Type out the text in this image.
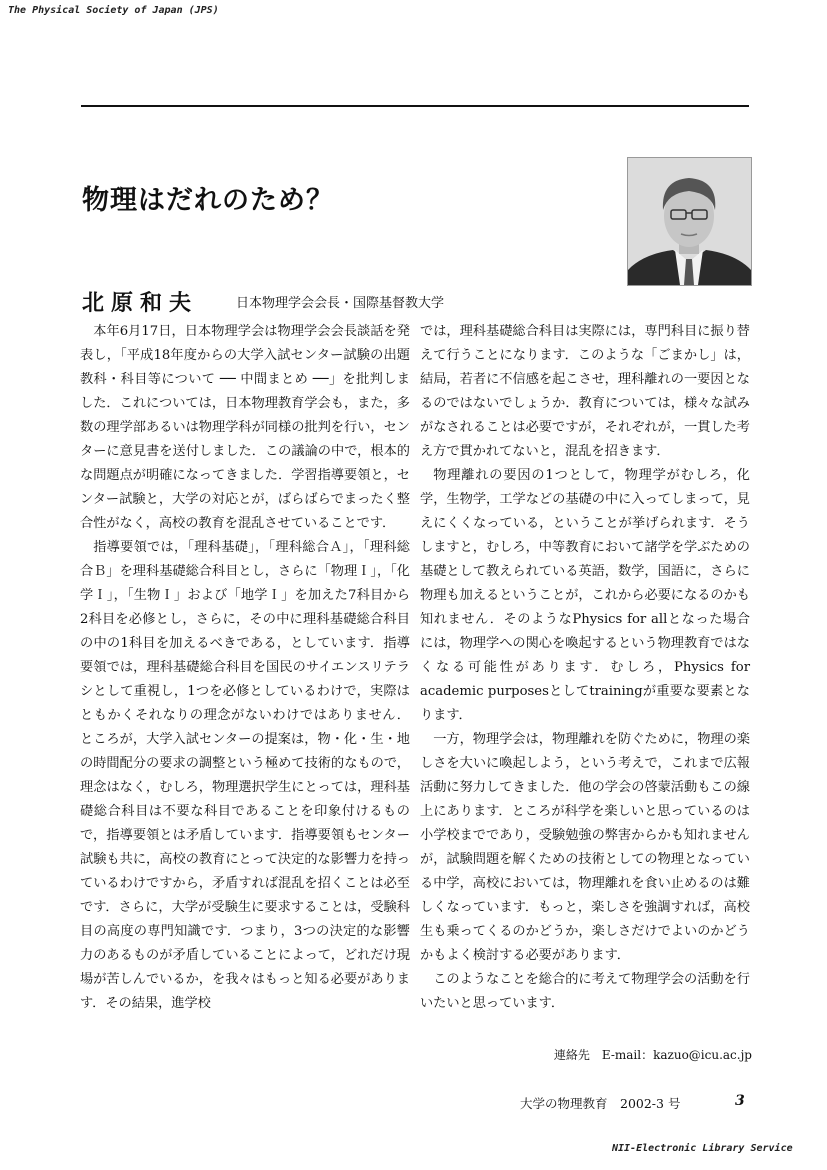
The Physical Society of Japan (JPS)
物理はだれのため？
北原和夫	日本物理学会会長・国際基督教大学

本年6月17日，日本物理学会は物理学会会長談話を発表し，「平成18年度からの大学入試センター試験の出題教科・科目等について ── 中間まとめ ──」を批判しました．これについては，日本物理教育学会も，また，多数の理学部あるいは物理学科が同様の批判を行い，センターに意見書を送付しました．この議論の中で，根本的な問題点が明確になってきました．学習指導要領と，センター試験と，大学の対応とが，ばらばらでまったく整合性がなく，高校の教育を混乱させていることです．

指導要領では，「理科基礎」，「理科総合Ａ」，「理科総合Ｂ」を理科基礎総合科目とし，さらに「物理Ｉ」，「化学Ｉ」，「生物Ｉ」および「地学Ｉ」を加えた7科目から2科目を必修とし，さらに，その中に理科基礎総合科目の中の1科目を加えるべきである，としています．指導要領では，理科基礎総合科目を国民のサイエンスリテラシとして重視し，1つを必修としているわけで，実際はともかくそれなりの理念がないわけではありません．ところが，大学入試センターの提案は，物・化・生・地の時間配分の要求の調整という極めて技術的なもので，理念はなく，むしろ，物理選択学生にとっては，理科基礎総合科目は不要な科目であることを印象付けるもので，指導要領とは矛盾しています．指導要領もセンター試験も共に，高校の教育にとって決定的な影響力を持っているわけですから，矛盾すれば混乱を招くことは必至です．さらに，大学が受験生に要求することは，受験科目の高度の専門知識です．つまり，3つの決定的な影響力のあるものが矛盾していることによって，どれだけ現場が苦しんでいるか，を我々はもっと知る必要があります．その結果，進学校

では，理科基礎総合科目は実際には，専門科目に振り替えて行うことになります．このような「ごまかし」は，結局，若者に不信感を起こさせ，理科離れの一要因となるのではないでしょうか．教育については，様々な試みがなされることは必要ですが，それぞれが，一貫した考え方で貫かれてないと，混乱を招きます．

物理離れの要因の1つとして，物理学がむしろ，化学，生物学，工学などの基礎の中に入ってしまって，見えにくくなっている，ということが挙げられます．そうしますと，むしろ，中等教育において諸学を学ぶための基礎として教えられている英語，数学，国語に，さらに物理も加えるということが，これから必要になるのかも知れません．そのようなPhysics for allとなった場合には，物理学への関心を喚起するという物理教育ではなくなる可能性があります．むしろ，Physics for academic purposesとしてtrainingが重要な要素となります．

一方，物理学会は，物理離れを防ぐために，物理の楽しさを大いに喚起しよう，という考えで，これまで広報活動に努力してきました．他の学会の啓蒙活動もこの線上にあります．ところが科学を楽しいと思っているのは小学校までであり，受験勉強の弊害からかも知れませんが，試験問題を解くための技術としての物理となっている中学，高校においては，物理離れを食い止めるのは難しくなっています．もっと，楽しさを強調すれば，高校生も乗ってくるのかどうか，楽しさだけでよいのかどうかもよく検討する必要があります．

このようなことを総合的に考えて物理学会の活動を行いたいと思っています．

連絡先　E-mail：kazuo@icu.ac.jp
大学の物理教育　2002-3 号	3
NII-Electronic Library Service
